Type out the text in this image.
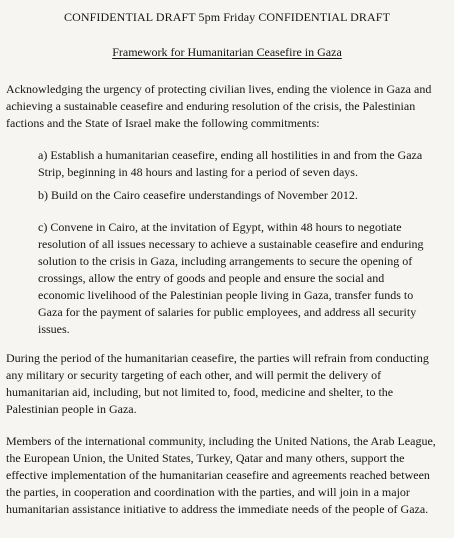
CONFIDENTIAL DRAFT 5pm Friday CONFIDENTIAL DRAFT
Framework for Humanitarian Ceasefire in Gaza
Acknowledging the urgency of protecting civilian lives, ending the violence in Gaza and
achieving a sustainable ceasefire and enduring resolution of the crisis, the Palestinian
factions and the State of Israel make the following commitments:
a) Establish a humanitarian ceasefire, ending all hostilities in and from the Gaza
Strip, beginning in 48 hours and lasting for a period of seven days.
b) Build on the Cairo ceasefire understandings of November 2012.
c) Convene in Cairo, at the invitation of Egypt, within 48 hours to negotiate
resolution of all issues necessary to achieve a sustainable ceasefire and enduring
solution to the crisis in Gaza, including arrangements to secure the opening of
crossings, allow the entry of goods and people and ensure the social and
economic livelihood of the Palestinian people living in Gaza, transfer funds to
Gaza for the payment of salaries for public employees, and address all security
issues.
During the period of the humanitarian ceasefire, the parties will refrain from conducting
any military or security targeting of each other, and will permit the delivery of
humanitarian aid, including, but not limited to, food, medicine and shelter, to the
Palestinian people in Gaza.
Members of the international community, including the United Nations, the Arab League,
the European Union, the United States, Turkey, Qatar and many others, support the
effective implementation of the humanitarian ceasefire and agreements reached between
the parties, in cooperation and coordination with the parties, and will join in a major
humanitarian assistance initiative to address the immediate needs of the people of Gaza.
